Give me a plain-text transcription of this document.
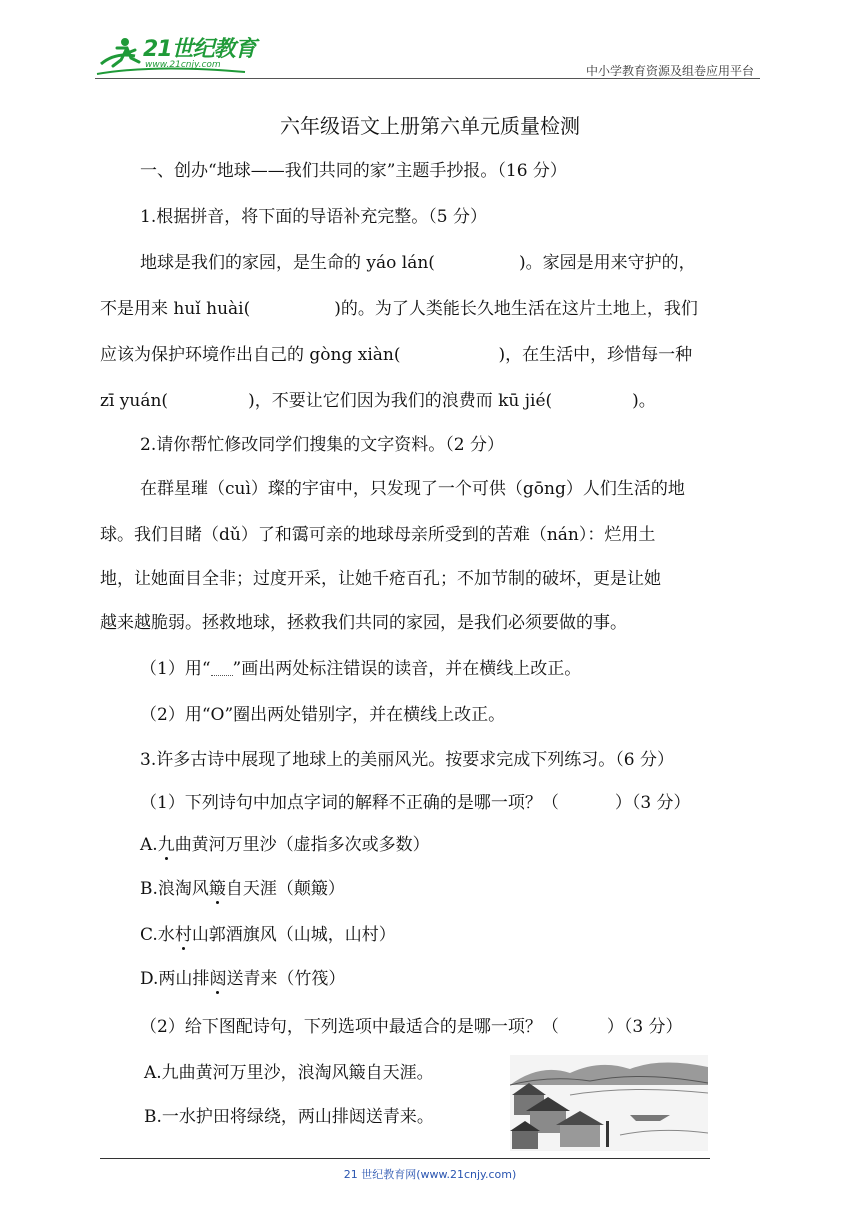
21世纪教育
www.21cnjy.com	中小学教育资源及组卷应用平台
六年级语文上册第六单元质量检测
一、创办“地球——我们共同的家”主题手抄报。（16 分）
1.根据拼音，将下面的导语补充完整。（5 分）
地球是我们的家园，是生命的 yáo lán(	)。家园是用来守护的，
不是用来 huǐ huài(	)的。为了人类能长久地生活在这片土地上，我们
应该为保护环境作出自己的 gòng xiàn(	)，在生活中，珍惜每一种
zī yuán(	)，不要让它们因为我们的浪费而 kū jié(	)。
2.请你帮忙修改同学们搜集的文字资料。（2 分）
在群星璀（cuì）璨的宇宙中，只发现了一个可供（gōng）人们生活的地
球。我们目睹（dǔ）了和霭可亲的地球母亲所受到的苦难（nán）：烂用土
地，让她面目全非；过度开采，让她千疮百孔；不加节制的破坏，更是让她
越来越脆弱。拯救地球，拯救我们共同的家园，是我们必须要做的事。
（1）用“ ”画出两处标注错误的读音，并在横线上改正。
（2）用“O”圈出两处错别字，并在横线上改正。
3.许多古诗中展现了地球上的美丽风光。按要求完成下列练习。（6 分）
（1）下列诗句中加点字词的解释不正确的是哪一项？（	）（3 分）
A.九曲黄河万里沙（虚指多次或多数）
B.浪淘风簸自天涯（颠簸）
C.水村山郭酒旗风（山城，山村）
D.两山排闼送青来（竹筏）
（2）给下图配诗句，下列选项中最适合的是哪一项？（	）（3 分）
A.九曲黄河万里沙，浪淘风簸自天涯。
B.一水护田将绿绕，两山排闼送青来。
21 世纪教育网(www.21cnjy.com)
